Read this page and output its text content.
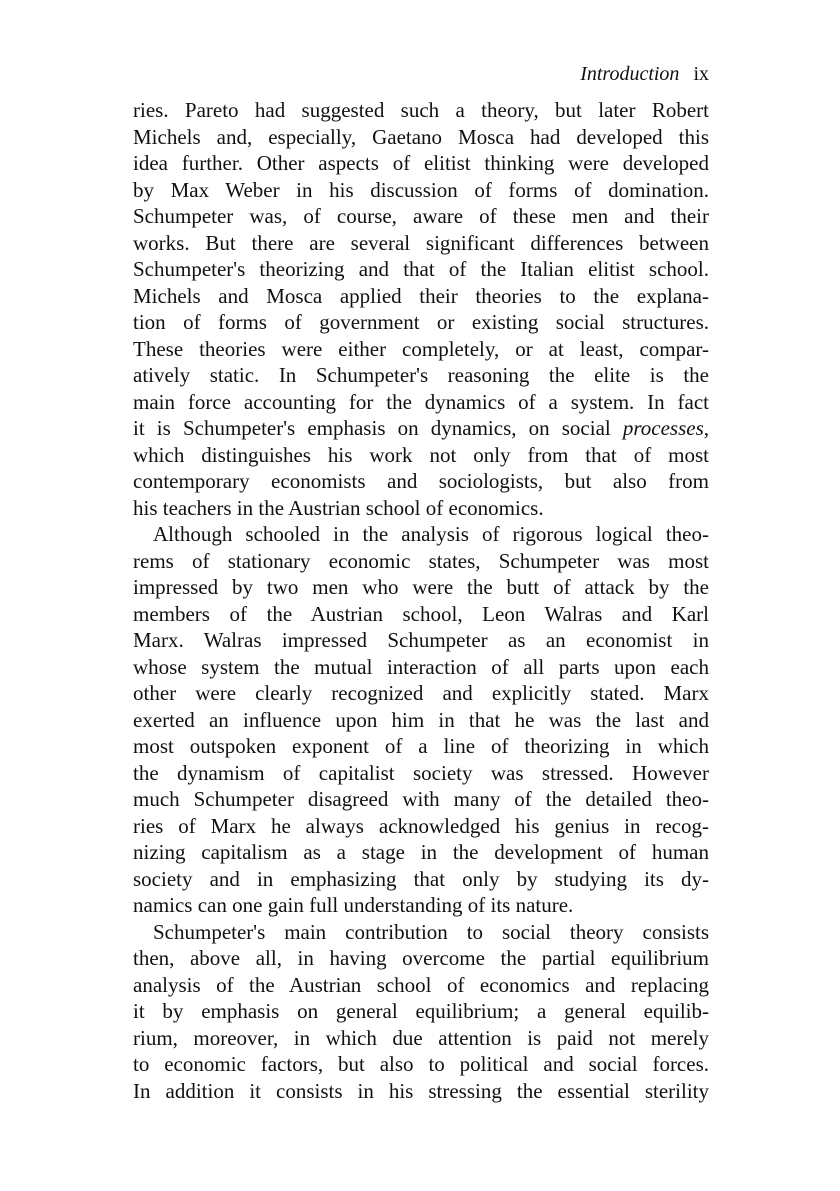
Introduction ix
ries. Pareto had suggested such a theory, but later Robert
Michels and, especially, Gaetano Mosca had developed this
idea further. Other aspects of elitist thinking were developed
by Max Weber in his discussion of forms of domination.
Schumpeter was, of course, aware of these men and their
works. But there are several significant differences between
Schumpeter's theorizing and that of the Italian elitist school.
Michels and Mosca applied their theories to the explana-
tion of forms of government or existing social structures.
These theories were either completely, or at least, compar-
atively static. In Schumpeter's reasoning the elite is the
main force accounting for the dynamics of a system. In fact
it is Schumpeter's emphasis on dynamics, on social processes,
which distinguishes his work not only from that of most
contemporary economists and sociologists, but also from
his teachers in the Austrian school of economics.
Although schooled in the analysis of rigorous logical theo-
rems of stationary economic states, Schumpeter was most
impressed by two men who were the butt of attack by the
members of the Austrian school, Leon Walras and Karl
Marx. Walras impressed Schumpeter as an economist in
whose system the mutual interaction of all parts upon each
other were clearly recognized and explicitly stated. Marx
exerted an influence upon him in that he was the last and
most outspoken exponent of a line of theorizing in which
the dynamism of capitalist society was stressed. However
much Schumpeter disagreed with many of the detailed theo-
ries of Marx he always acknowledged his genius in recog-
nizing capitalism as a stage in the development of human
society and in emphasizing that only by studying its dy-
namics can one gain full understanding of its nature.
Schumpeter's main contribution to social theory consists
then, above all, in having overcome the partial equilibrium
analysis of the Austrian school of economics and replacing
it by emphasis on general equilibrium; a general equilib-
rium, moreover, in which due attention is paid not merely
to economic factors, but also to political and social forces.
In addition it consists in his stressing the essential sterility
